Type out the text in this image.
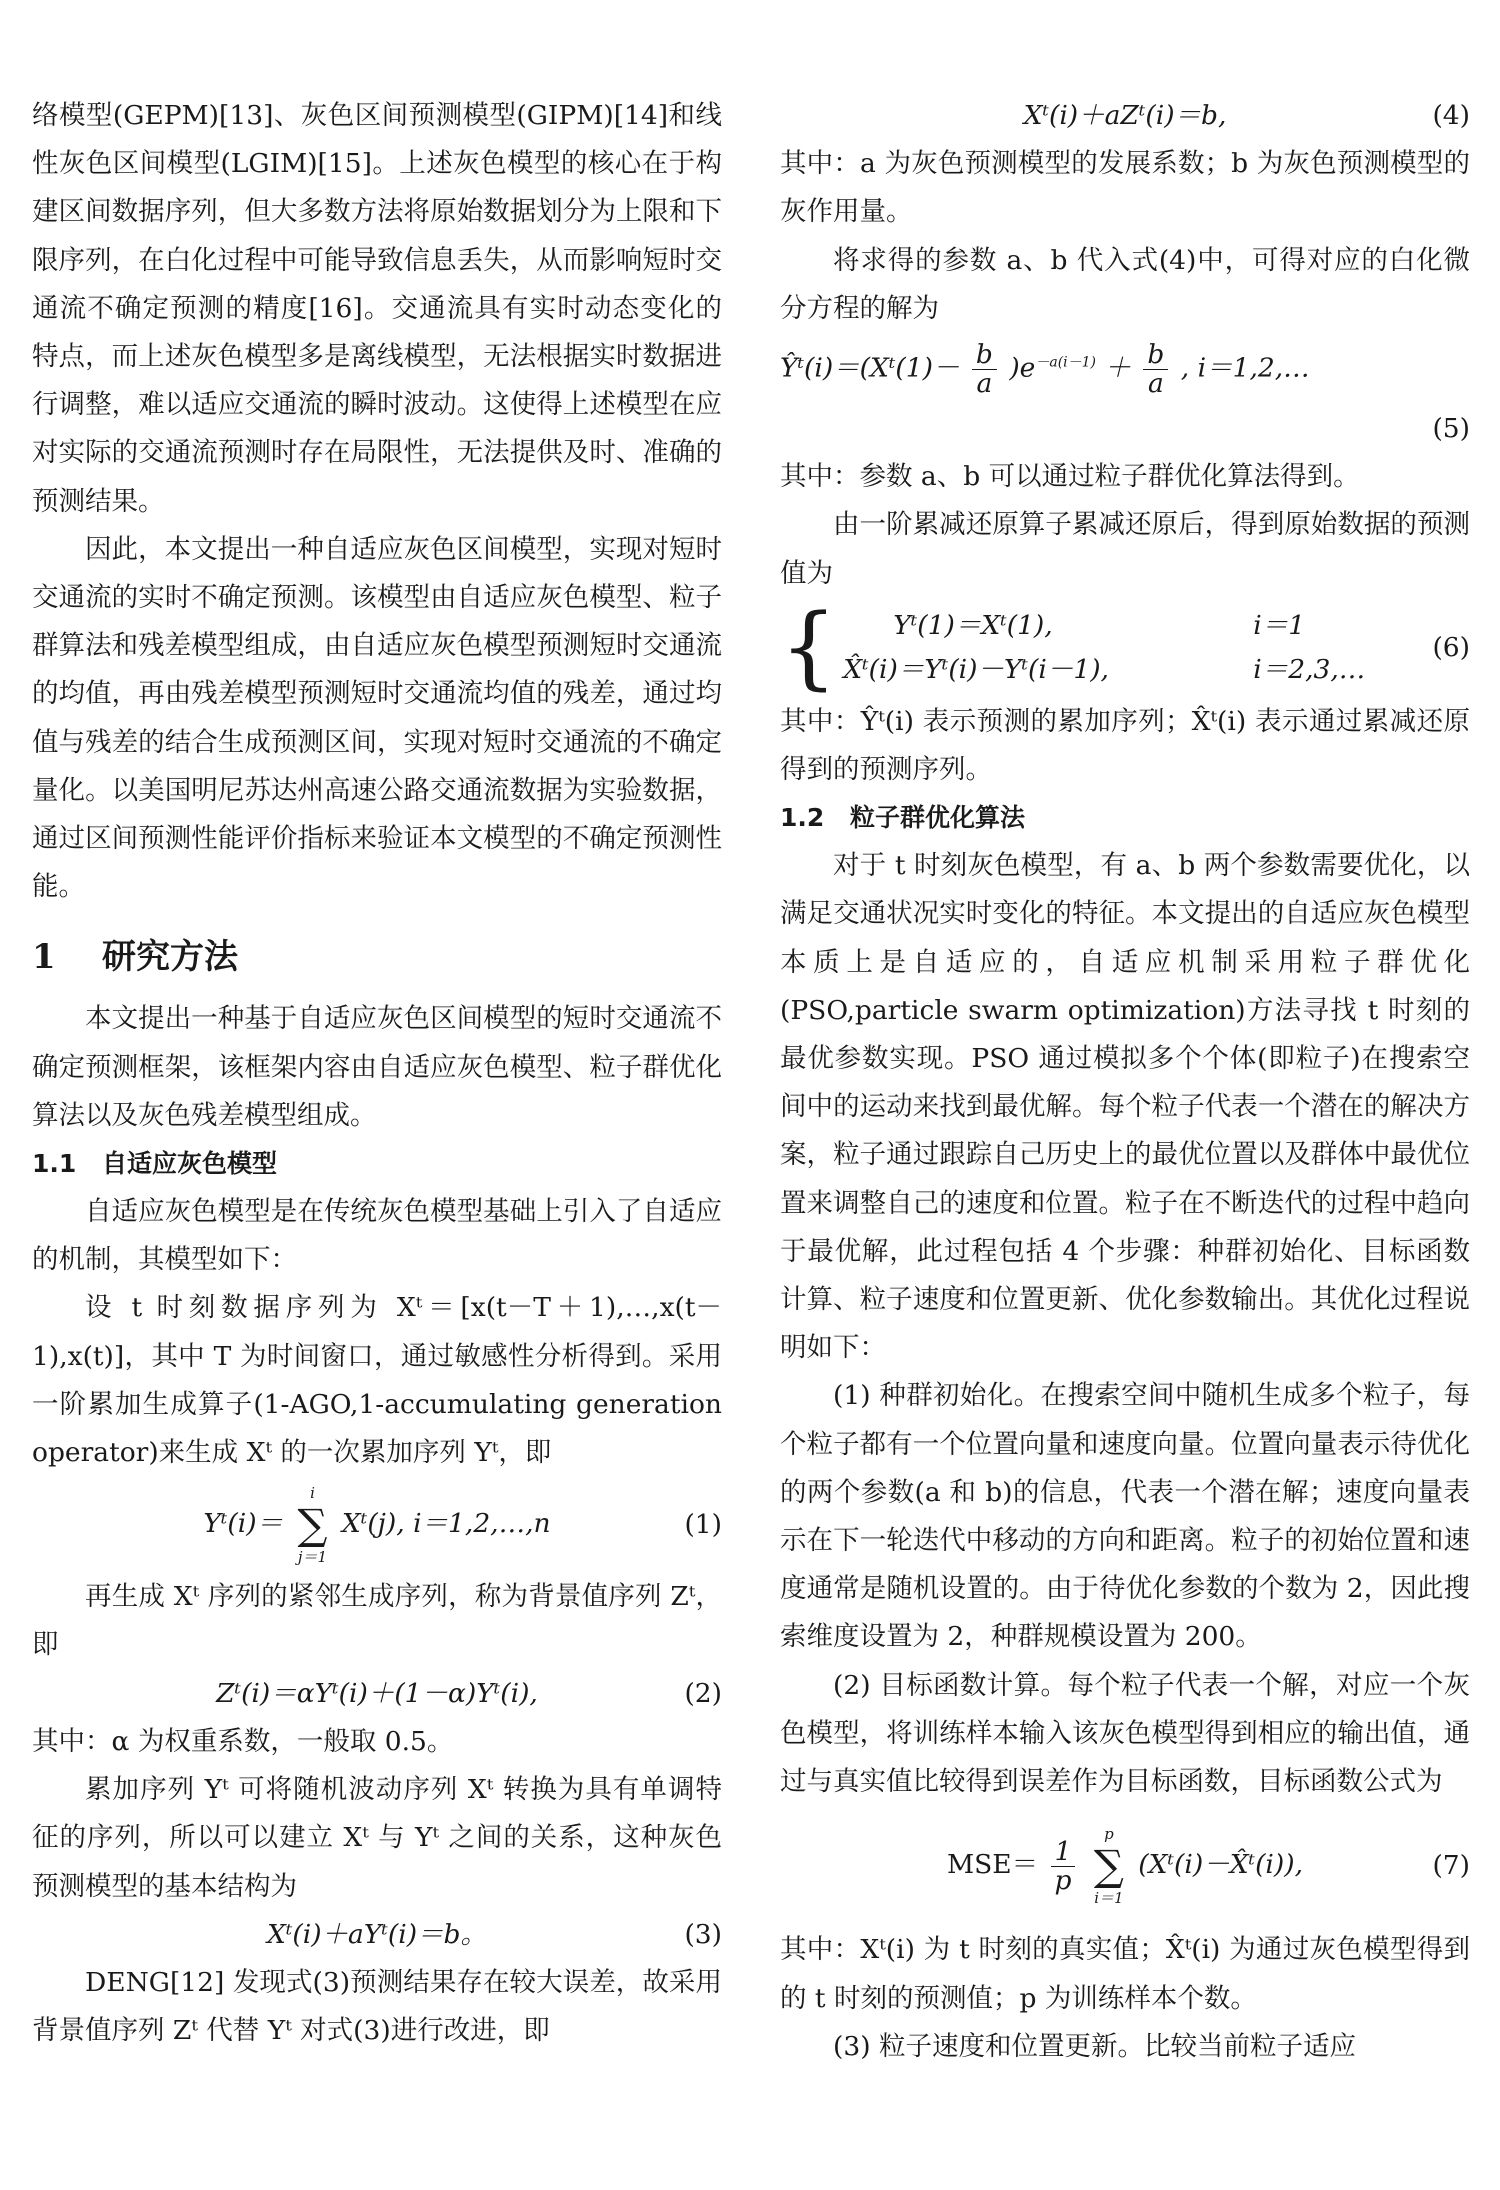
络模型(GEPM)[13]、灰色区间预测模型(GIPM)[14]和线性灰色区间模型(LGIM)[15]。上述灰色模型的核心在于构建区间数据序列，但大多数方法将原始数据划分为上限和下限序列，在白化过程中可能导致信息丢失，从而影响短时交通流不确定预测的精度[16]。交通流具有实时动态变化的特点，而上述灰色模型多是离线模型，无法根据实时数据进行调整，难以适应交通流的瞬时波动。这使得上述模型在应对实际的交通流预测时存在局限性，无法提供及时、准确的预测结果。

因此，本文提出一种自适应灰色区间模型，实现对短时交通流的实时不确定预测。该模型由自适应灰色模型、粒子群算法和残差模型组成，由自适应灰色模型预测短时交通流的均值，再由残差模型预测短时交通流均值的残差，通过均值与残差的结合生成预测区间，实现对短时交通流的不确定量化。以美国明尼苏达州高速公路交通流数据为实验数据，通过区间预测性能评价指标来验证本文模型的不确定预测性能。

1 研究方法

本文提出一种基于自适应灰色区间模型的短时交通流不确定预测框架，该框架内容由自适应灰色模型、粒子群优化算法以及灰色残差模型组成。

1.1 自适应灰色模型

自适应灰色模型是在传统灰色模型基础上引入了自适应的机制，其模型如下：

设 t 时刻数据序列为 Xᵗ＝[x(t－T＋1),…,x(t－1),x(t)]，其中 T 为时间窗口，通过敏感性分析得到。采用一阶累加生成算子(1-AGO,1-accumulating generation operator)来生成 Xᵗ 的一次累加序列 Yᵗ，即

Yᵗ(i)＝
i
∑
j＝1
Xᵗ(j), i＝1,2,…,n	(1)

再生成 Xᵗ 序列的紧邻生成序列，称为背景值序列 Zᵗ，即

Zᵗ(i)＝αYᵗ(i)＋(1－α)Yᵗ(i),	(2)

其中：α 为权重系数，一般取 0.5。

累加序列 Yᵗ 可将随机波动序列 Xᵗ 转换为具有单调特征的序列，所以可以建立 Xᵗ 与 Yᵗ 之间的关系，这种灰色预测模型的基本结构为

Xᵗ(i)＋aYᵗ(i)＝b。	(3)

DENG[12] 发现式(3)预测结果存在较大误差，故采用背景值序列 Zᵗ 代替 Yᵗ 对式(3)进行改进，即

Xᵗ(i)＋aZᵗ(i)＝b,	(4)

其中：a 为灰色预测模型的发展系数；b 为灰色预测模型的灰作用量。

将求得的参数 a、b 代入式(4)中，可得对应的白化微分方程的解为

Ŷᵗ(i)＝(Xᵗ(1)－ $\frac{b}{a} )e^{-a(i-1)} + \frac{b}{a}$ , i＝1,2,…

(5)

其中：参数 a、b 可以通过粒子群优化算法得到。

由一阶累减还原算子累减还原后，得到原始数据的预测值为

{	Yᵗ(1)＝Xᵗ(1),	i＝1
X̂ᵗ(i)＝Yᵗ(i)－Yᵗ(i－1),	i＝2,3,…
(6)

其中：Ŷᵗ(i) 表示预测的累加序列；X̂ᵗ(i) 表示通过累减还原得到的预测序列。

1.2 粒子群优化算法

对于 t 时刻灰色模型，有 a、b 两个参数需要优化，以满足交通状况实时变化的特征。本文提出的自适应灰色模型本质上是自适应的，自适应机制采用粒子群优化(PSO,particle swarm optimization)方法寻找 t 时刻的最优参数实现。PSO 通过模拟多个个体(即粒子)在搜索空间中的运动来找到最优解。每个粒子代表一个潜在的解决方案，粒子通过跟踪自己历史上的最优位置以及群体中最优位置来调整自己的速度和位置。粒子在不断迭代的过程中趋向于最优解，此过程包括 4 个步骤：种群初始化、目标函数计算、粒子速度和位置更新、优化参数输出。其优化过程说明如下：

(1) 种群初始化。在搜索空间中随机生成多个粒子，每个粒子都有一个位置向量和速度向量。位置向量表示待优化的两个参数(a 和 b)的信息，代表一个潜在解；速度向量表示在下一轮迭代中移动的方向和距离。粒子的初始位置和速度通常是随机设置的。由于待优化参数的个数为 2，因此搜索维度设置为 2，种群规模设置为 200。

(2) 目标函数计算。每个粒子代表一个解，对应一个灰色模型，将训练样本输入该灰色模型得到相应的输出值，通过与真实值比较得到误差作为目标函数，目标函数公式为

$MSE= \frac{1}{p}$

p
∑
i＝1
(Xᵗ(i)－X̂ᵗ(i)),	(7)

其中：Xᵗ(i) 为 t 时刻的真实值；X̂ᵗ(i) 为通过灰色模型得到的 t 时刻的预测值；p 为训练样本个数。

(3) 粒子速度和位置更新。比较当前粒子适应
